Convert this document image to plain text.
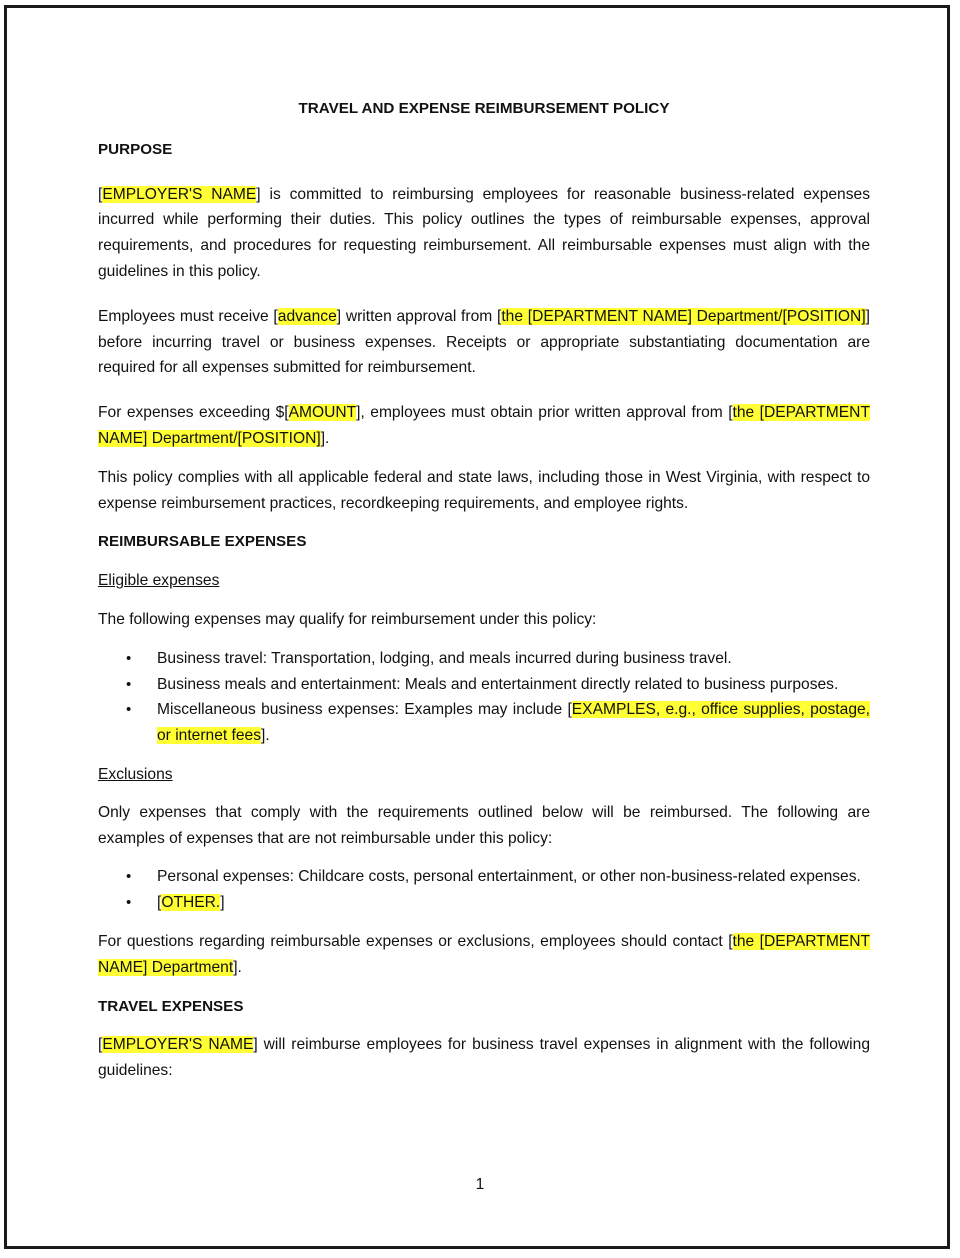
TRAVEL AND EXPENSE REIMBURSEMENT POLICY

PURPOSE

[EMPLOYER'S NAME] is committed to reimbursing employees for reasonable business-related expenses incurred while performing their duties. This policy outlines the types of reimbursable expenses, approval requirements, and procedures for requesting reimbursement. All reimbursable expenses must align with the guidelines in this policy.

Employees must receive [advance] written approval from [the [DEPARTMENT NAME] Department/[POSITION]] before incurring travel or business expenses. Receipts or appropriate substantiating documentation are required for all expenses submitted for reimbursement.

For expenses exceeding $[AMOUNT], employees must obtain prior written approval from [the [DEPARTMENT NAME] Department/[POSITION]].

This policy complies with all applicable federal and state laws, including those in West Virginia, with respect to expense reimbursement practices, recordkeeping requirements, and employee rights.

REIMBURSABLE EXPENSES

Eligible expenses

The following expenses may qualify for reimbursement under this policy:

• Business travel: Transportation, lodging, and meals incurred during business travel.
• Business meals and entertainment: Meals and entertainment directly related to business purposes.
• Miscellaneous business expenses: Examples may include [EXAMPLES, e.g., office supplies, postage, or internet fees].

Exclusions

Only expenses that comply with the requirements outlined below will be reimbursed. The following are examples of expenses that are not reimbursable under this policy:

• Personal expenses: Childcare costs, personal entertainment, or other non-business-related expenses.
• [OTHER.]

For questions regarding reimbursable expenses or exclusions, employees should contact [the [DEPARTMENT NAME] Department].

TRAVEL EXPENSES

[EMPLOYER'S NAME] will reimburse employees for business travel expenses in alignment with the following guidelines:

1
